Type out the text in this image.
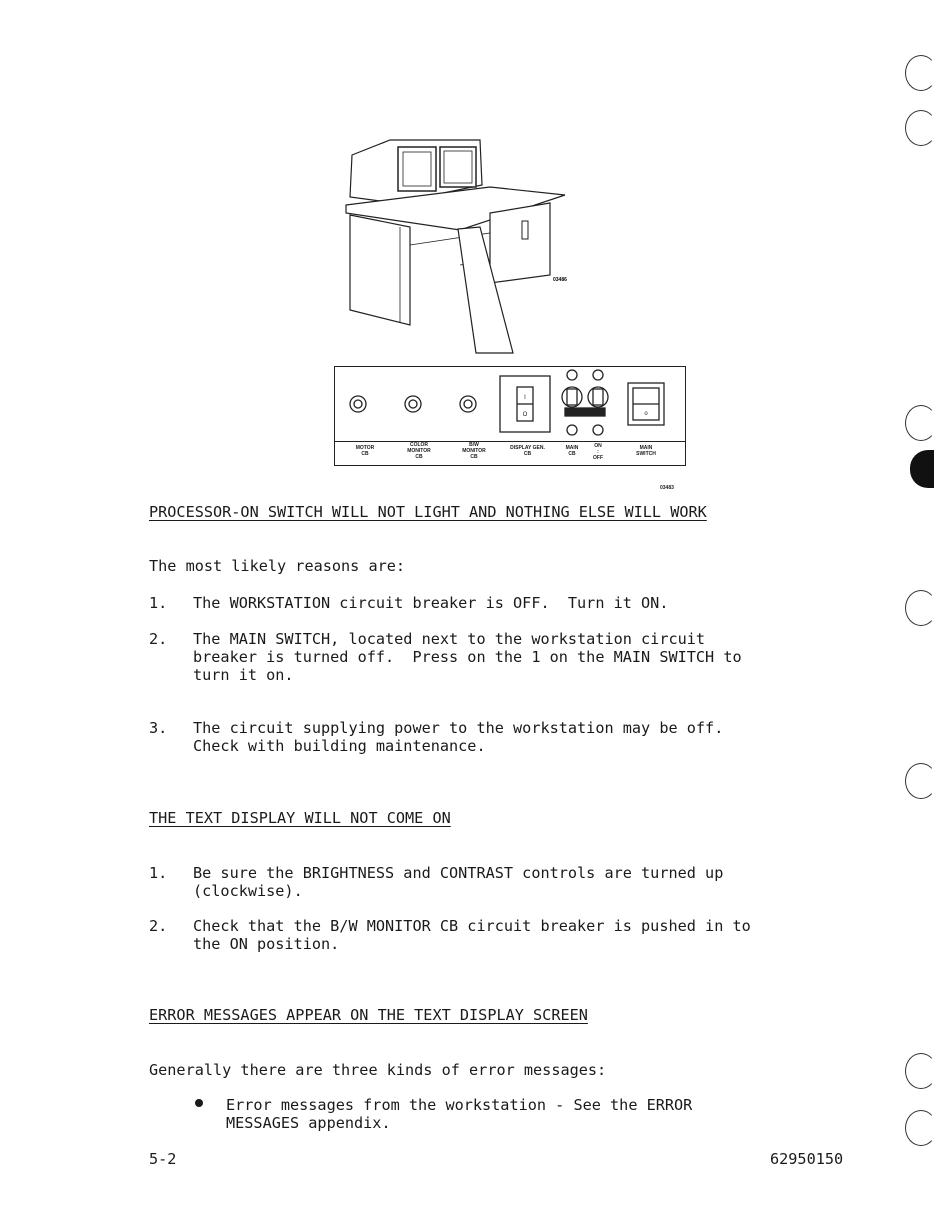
03486
I
O	o
MOTOR
CB
COLOR
MONITOR
CB
B/W
MONITOR
CB
DISPLAY GEN.
CB
MAIN
CB
ON
:
OFF
MAIN
SWITCH
03483
PROCESSOR-ON SWITCH WILL NOT LIGHT AND NOTHING ELSE WILL WORK
The most likely reasons are:
1.	The WORKSTATION circuit breaker is OFF.  Turn it ON.
2.	The MAIN SWITCH, located next to the workstation circuit
breaker is turned off.  Press on the 1 on the MAIN SWITCH to
turn it on.
3.	The circuit supplying power to the workstation may be off.
Check with building maintenance.
THE TEXT DISPLAY WILL NOT COME ON
1.	Be sure the BRIGHTNESS and CONTRAST controls are turned up
(clockwise).
2.	Check that the B/W MONITOR CB circuit breaker is pushed in to
the ON position.
ERROR MESSAGES APPEAR ON THE TEXT DISPLAY SCREEN
Generally there are three kinds of error messages:
Error messages from the workstation - See the ERROR
MESSAGES appendix.
5-2	62950150
